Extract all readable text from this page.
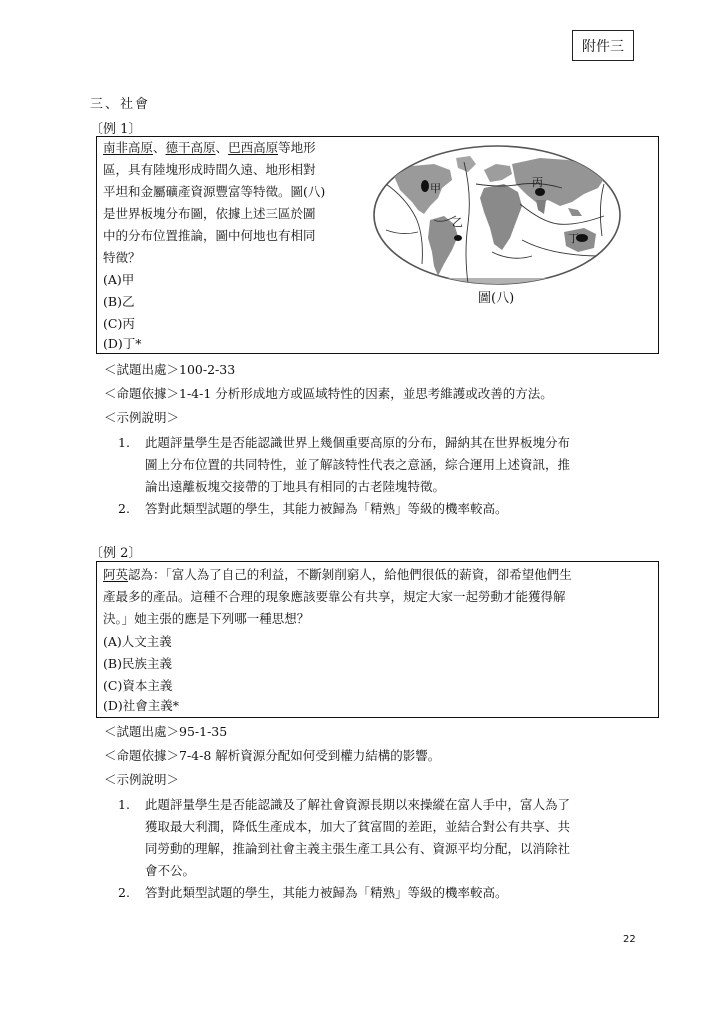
附件三
三、社會
〔例 1〕
南非高原、德干高原、巴西高原等地形
區，具有陸塊形成時間久遠、地形相對
平坦和金屬礦產資源豐富等特徵。圖(八)
是世界板塊分布圖，依據上述三區於圖
中的分布位置推論，圖中何地也有相同
特徵？
(A)甲
(B)乙
(C)丙
(D)丁*
甲
乙
丙
丁
圖(八)
＜試題出處＞100-2-33
＜命題依據＞1-4-1 分析形成地方或區域特性的因素，並思考維護或改善的方法。
＜示例說明＞
1. 此題評量學生是否能認識世界上幾個重要高原的分布，歸納其在世界板塊分布
圖上分布位置的共同特性，並了解該特性代表之意涵，綜合運用上述資訊，推
論出遠離板塊交接帶的丁地具有相同的古老陸塊特徵。
2. 答對此類型試題的學生，其能力被歸為「精熟」等級的機率較高。
〔例 2〕
阿英認為：「富人為了自己的利益，不斷剝削窮人，給他們很低的薪資，卻希望他們生
產最多的產品。這種不合理的現象應該要靠公有共享，規定大家一起勞動才能獲得解
決。」她主張的應是下列哪一種思想？
(A)人文主義
(B)民族主義
(C)資本主義
(D)社會主義*
＜試題出處＞95-1-35
＜命題依據＞7-4-8 解析資源分配如何受到權力結構的影響。
＜示例說明＞
1. 此題評量學生是否能認識及了解社會資源長期以來操縱在富人手中，富人為了
獲取最大利潤，降低生產成本，加大了貧富間的差距，並結合對公有共享、共
同勞動的理解，推論到社會主義主張生產工具公有、資源平均分配，以消除社
會不公。
2. 答對此類型試題的學生，其能力被歸為「精熟」等級的機率較高。
22
